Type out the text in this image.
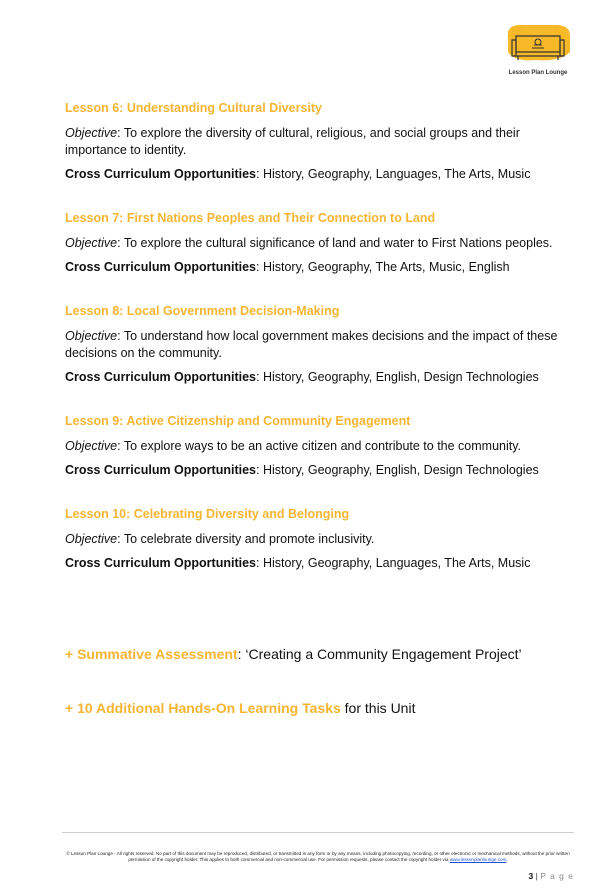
Lesson Plan Lounge
Lesson 6: Understanding Cultural Diversity
Objective: To explore the diversity of cultural, religious, and social groups and their importance to identity.
Cross Curriculum Opportunities: History, Geography, Languages, The Arts, Music
Lesson 7: First Nations Peoples and Their Connection to Land
Objective: To explore the cultural significance of land and water to First Nations peoples.
Cross Curriculum Opportunities: History, Geography, The Arts, Music, English
Lesson 8: Local Government Decision-Making
Objective: To understand how local government makes decisions and the impact of these decisions on the community.
Cross Curriculum Opportunities: History, Geography, English, Design Technologies
Lesson 9: Active Citizenship and Community Engagement
Objective: To explore ways to be an active citizen and contribute to the community.
Cross Curriculum Opportunities: History, Geography, English, Design Technologies
Lesson 10: Celebrating Diversity and Belonging
Objective: To celebrate diversity and promote inclusivity.
Cross Curriculum Opportunities: History, Geography, Languages, The Arts, Music
+ Summative Assessment: ‘Creating a Community Engagement Project’
+ 10 Additional Hands-On Learning Tasks for this Unit
© Lesson Plan Lounge - All rights reserved. No part of this document may be reproduced, distributed, or transmitted in any form or by any means, including photocopying, recording, or other electronic or mechanical methods, without the prior written permission of the copyright holder. This applies to both commercial and non-commercial use. For permission requests, please contact the copyright holder via www.lessonplanlounge.com.
3 | P a g e
